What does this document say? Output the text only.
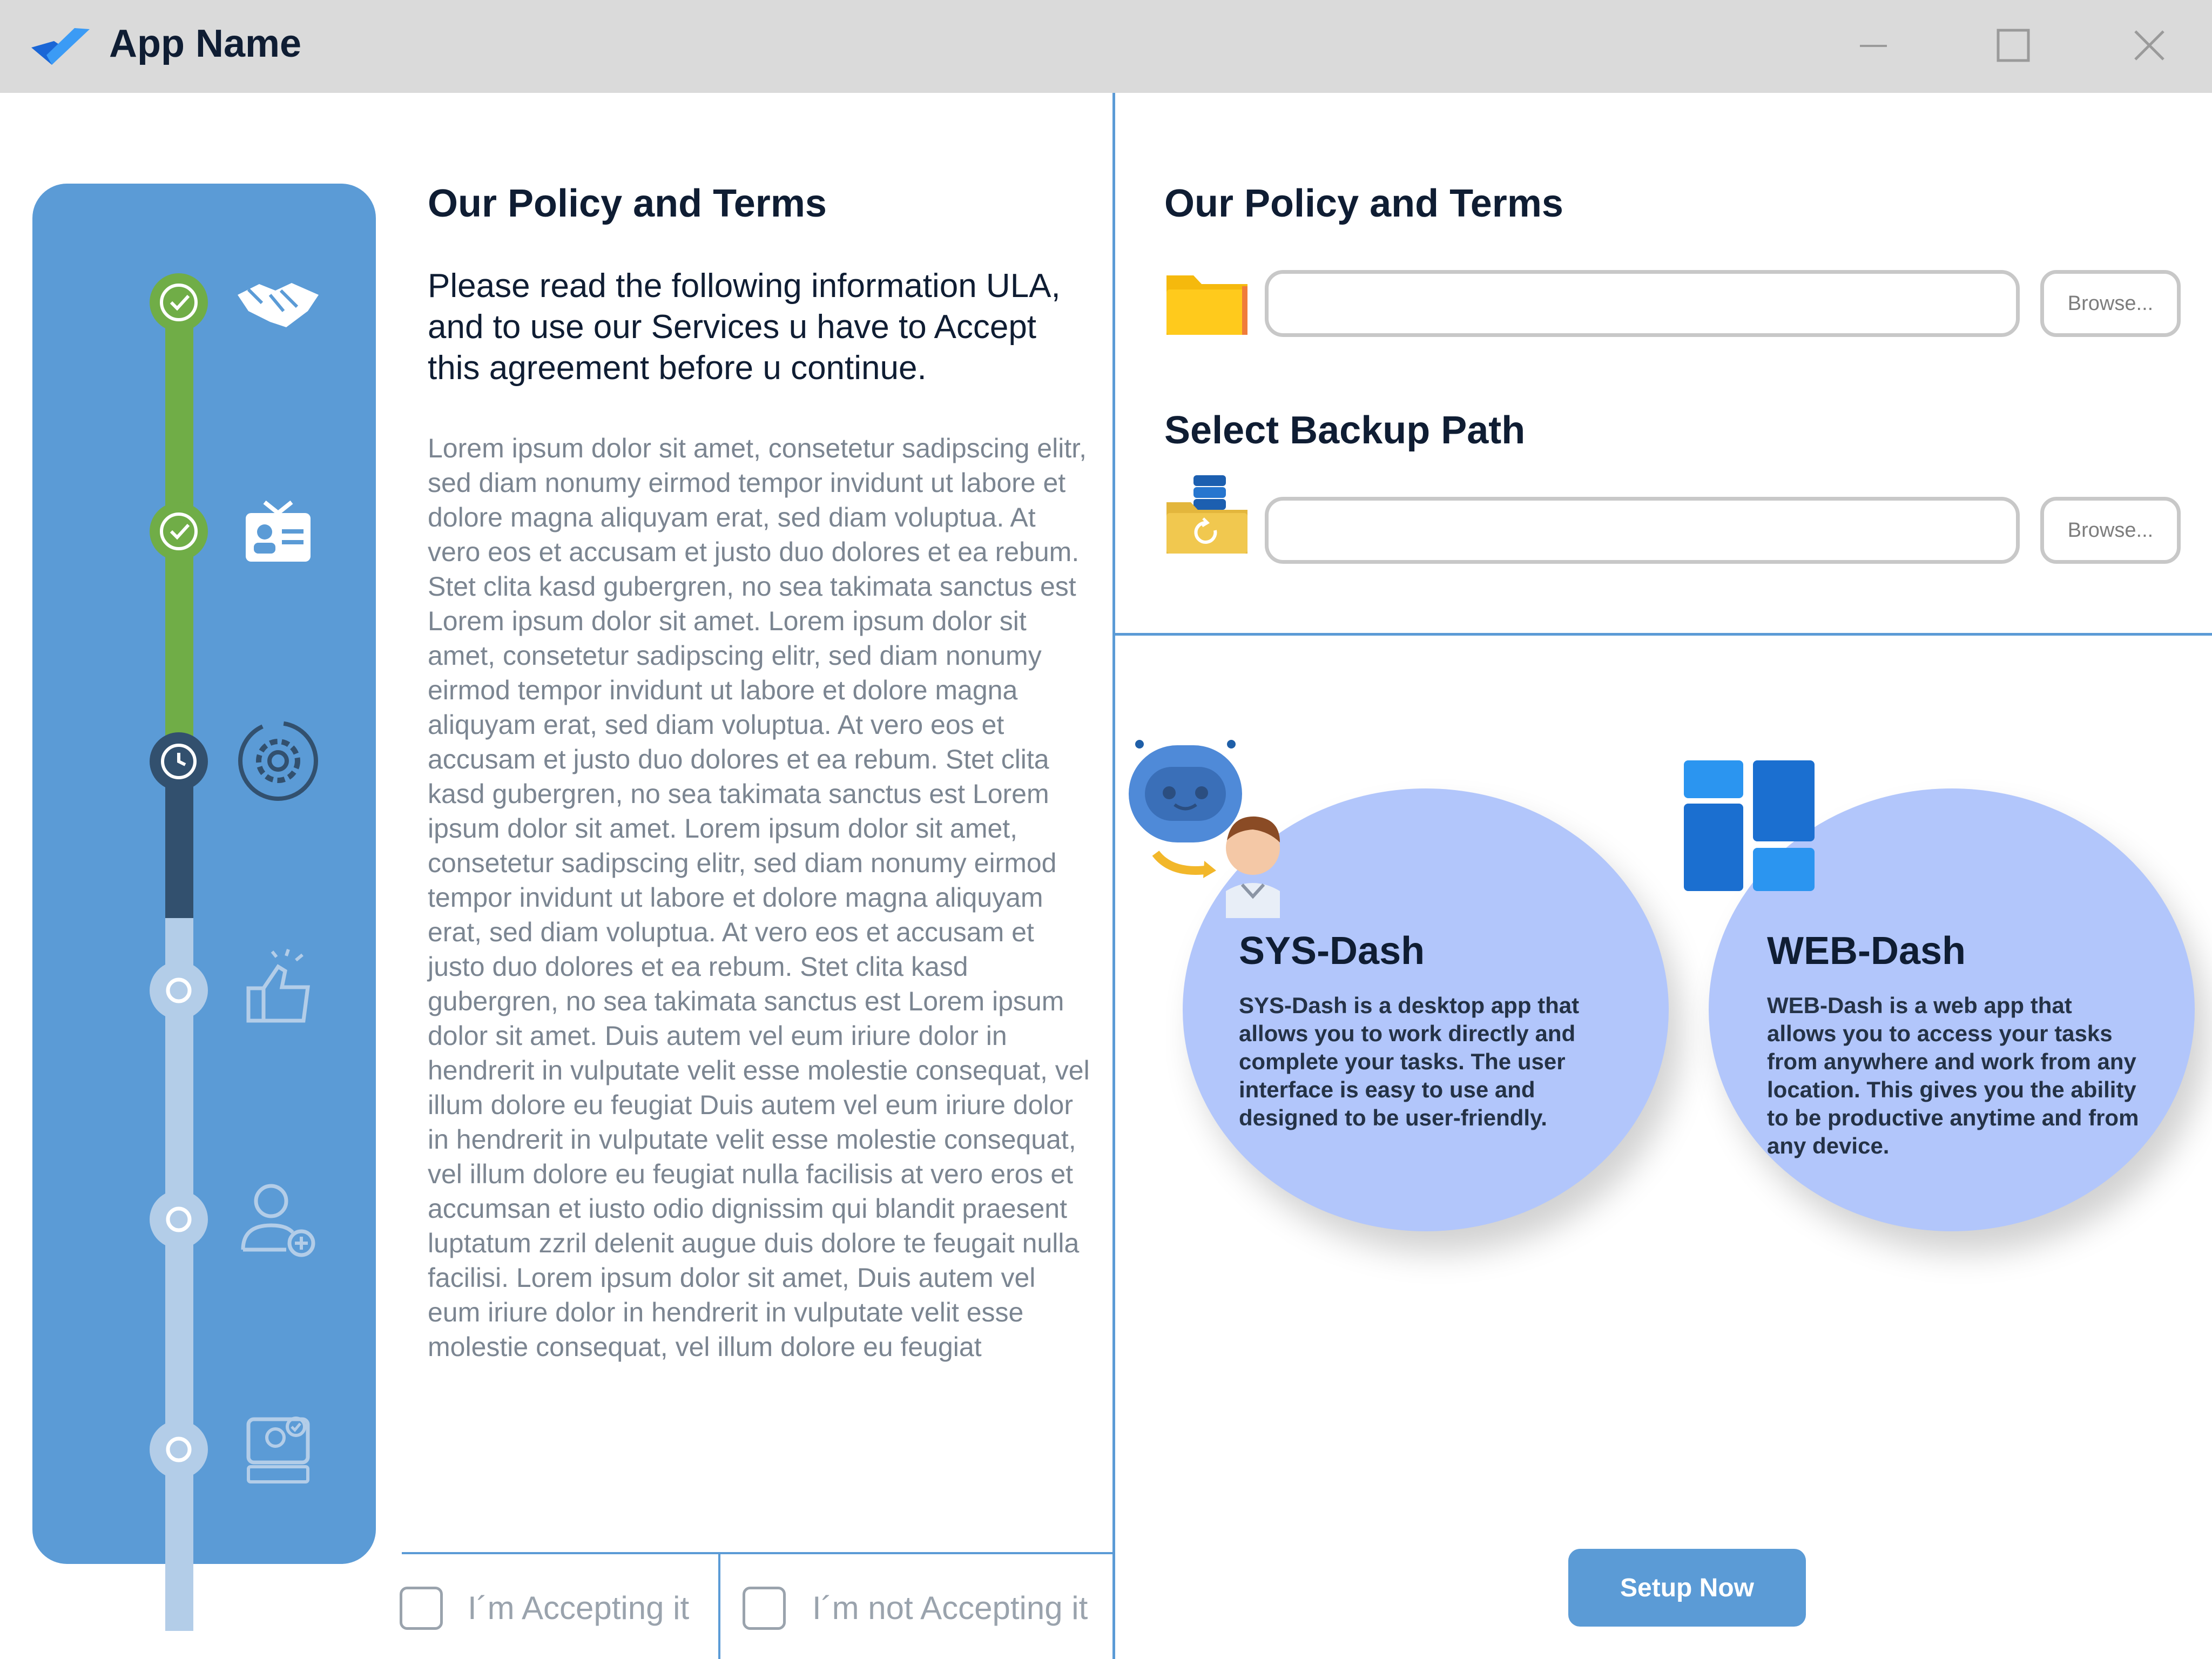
App Name
Our Policy and Terms
Please read the following information ULA, and to use our Services u have to Accept this agreement before u continue.
Lorem ipsum dolor sit amet, consetetur sadipscing elitr, sed diam nonumy eirmod tempor invidunt ut labore et dolore magna aliquyam erat, sed diam voluptua. At vero eos et accusam et justo duo dolores et ea rebum. Stet clita kasd gubergren, no sea takimata sanctus est Lorem ipsum dolor sit amet. Lorem ipsum dolor sit amet, consetetur sadipscing elitr, sed diam nonumy eirmod tempor invidunt ut labore et dolore magna aliquyam erat, sed diam voluptua. At vero eos et accusam et justo duo dolores et ea rebum. Stet clita kasd gubergren, no sea takimata sanctus est Lorem ipsum dolor sit amet. Lorem ipsum dolor sit amet, consetetur sadipscing elitr, sed diam nonumy eirmod tempor invidunt ut labore et dolore magna aliquyam erat, sed diam voluptua. At vero eos et accusam et justo duo dolores et ea rebum. Stet clita kasd gubergren, no sea takimata sanctus est Lorem ipsum dolor sit amet. Duis autem vel eum iriure dolor in hendrerit in vulputate velit esse molestie consequat, vel illum dolore eu feugiat Duis autem vel eum iriure dolor in hendrerit in vulputate velit esse molestie consequat, vel illum dolore eu feugiat nulla facilisis at vero eros et accumsan et iusto odio dignissim qui blandit praesent luptatum zzril delenit augue duis dolore te feugait nulla facilisi. Lorem ipsum dolor sit amet, Duis autem vel eum iriure dolor in hendrerit in vulputate velit esse molestie consequat, vel illum dolore eu feugiat
I´m Accepting it	I´m not Accepting it
Our Policy and Terms
Browse...
Select Backup Path
Browse...
SYS-Dash
SYS-Dash is a desktop app that allows you to work directly and complete your tasks. The user interface is easy to use and designed to be user-friendly.
WEB-Dash
WEB-Dash is a web app that allows you to access your tasks from anywhere and work from any location. This gives you the ability to be productive anytime and from any device.
Setup Now
